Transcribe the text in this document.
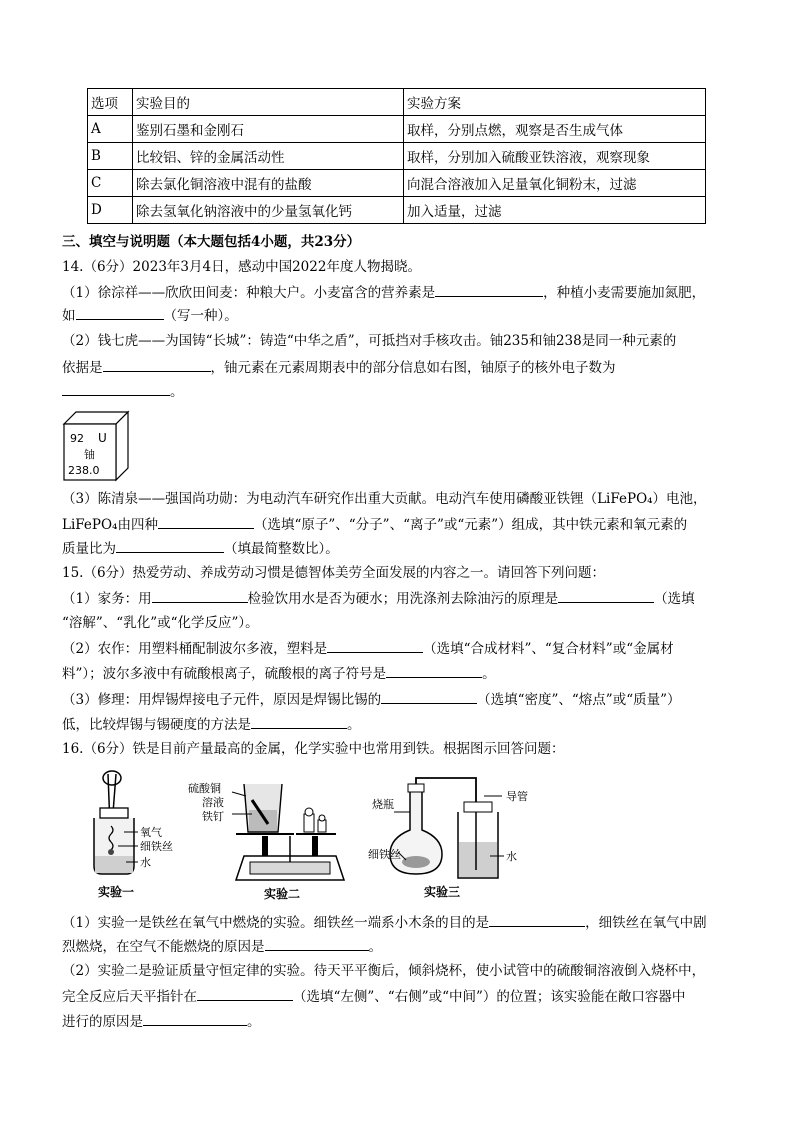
选项	实验目的	实验方案
A	鉴别石墨和金刚石	取样，分别点燃，观察是否生成气体
B	比较铝、锌的金属活动性	取样，分别加入硫酸亚铁溶液，观察现象
C	除去氯化铜溶液中混有的盐酸	向混合溶液加入足量氧化铜粉末，过滤
D	除去氢氧化钠溶液中的少量氢氧化钙	加入适量，过滤
三、填空与说明题（本大题包括4小题，共23分）
14.（6分）2023年3月4日，感动中国2022年度人物揭晓。
（1）徐淙祥——欣欣田间麦：种粮大户。小麦富含的营养素是	，种植小麦需要施加氮肥，
如	（写一种）。
（2）钱七虎——为国铸“长城”：铸造“中华之盾”，可抵挡对手核攻击。铀235和铀238是同一种元素的
依据是	，铀元素在元素周期表中的部分信息如右图，铀原子的核外电子数为
。
92 U
铀
238.0
（3）陈清泉——强国尚功勋：为电动汽车研究作出重大贡献。电动汽车使用磷酸亚铁锂（LiFePO₄）电池，
LiFePO₄由四种	（选填“原子”、“分子”、“离子”或“元素”）组成，其中铁元素和氧元素的
质量比为	（填最简整数比）。
15.（6分）热爱劳动、养成劳动习惯是德智体美劳全面发展的内容之一。请回答下列问题：
（1）家务：用	检验饮用水是否为硬水；用洗涤剂去除油污的原理是	（选填
“溶解”、“乳化”或“化学反应”）。
（2）农作：用塑料桶配制波尔多液，塑料是	（选填“合成材料”、“复合材料”或“金属材
料”）；波尔多液中有硫酸根离子，硫酸根的离子符号是	。
（3）修理：用焊锡焊接电子元件，原因是焊锡比锡的	（选填“密度”、“熔点”或“质量”）
低，比较焊锡与锡硬度的方法是	。
16.（6分）铁是目前产量最高的金属，化学实验中也常用到铁。根据图示回答问题：
氧气
细铁丝
水
实验一
硫酸铜
溶液
铁钉
实验二
导管
烧瓶
细铁丝	水
实验三
（1）实验一是铁丝在氧气中燃烧的实验。细铁丝一端系小木条的目的是	，细铁丝在氧气中剧
烈燃烧，在空气不能燃烧的原因是	。
（2）实验二是验证质量守恒定律的实验。待天平平衡后，倾斜烧杯，使小试管中的硫酸铜溶液倒入烧杯中，
完全反应后天平指针在	（选填“左侧”、“右侧”或“中间”）的位置；该实验能在敞口容器中
进行的原因是	。
